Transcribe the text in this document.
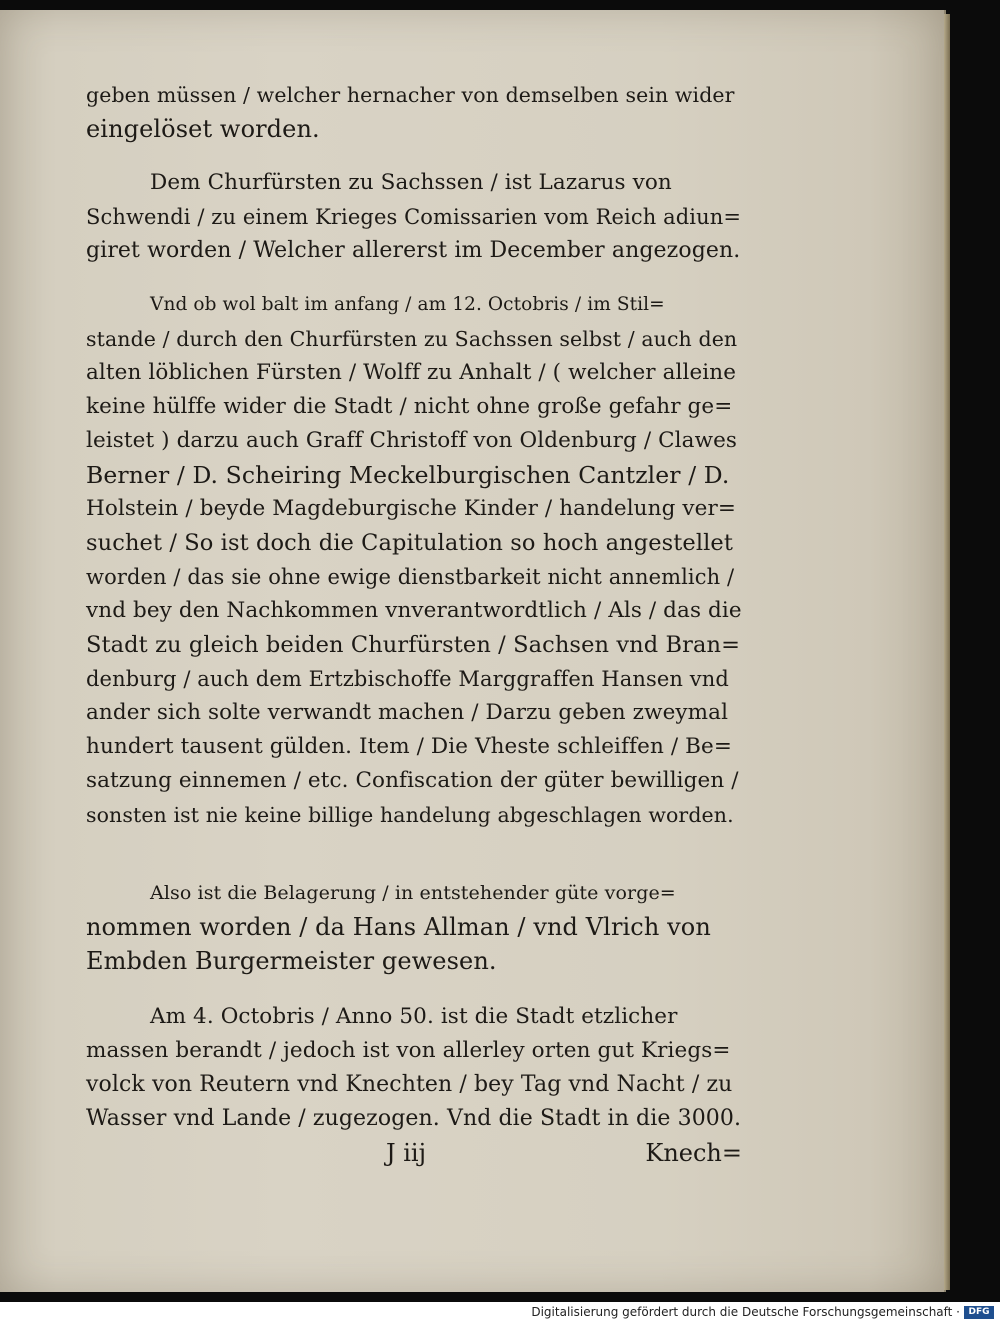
geben müssen / welcher hernacher von demselben sein wider
eingelöset worden.
Dem Churfürsten zu Sachssen / ist Lazarus von
Schwendi / zu einem Krieges Comissarien vom Reich adiun=
giret worden / Welcher allererst im December angezogen.
Vnd ob wol balt im anfang / am 12. Octobris / im Stil=
stande / durch den Churfürsten zu Sachssen selbst / auch den
alten löblichen Fürsten / Wolff zu Anhalt / ( welcher alleine
keine hülffe wider die Stadt / nicht ohne große gefahr ge=
leistet ) darzu auch Graff Christoff von Oldenburg / Clawes
Berner / D. Scheiring Meckelburgischen Cantzler / D.
Holstein / beyde Magdeburgische Kinder / handelung ver=
suchet / So ist doch die Capitulation so hoch angestellet
worden / das sie ohne ewige dienstbarkeit nicht annemlich /
vnd bey den Nachkommen vnverantwordtlich / Als / das die
Stadt zu gleich beiden Churfürsten / Sachsen vnd Bran=
denburg / auch dem Ertzbischoffe Marggraffen Hansen vnd
ander sich solte verwandt machen / Darzu geben zweymal
hundert tausent gülden. Item / Die Vheste schleiffen / Be=
satzung einnemen / etc. Confiscation der güter bewilligen /
sonsten ist nie keine billige handelung abgeschlagen worden.
Also ist die Belagerung / in entstehender güte vorge=
nommen worden / da Hans Allman / vnd Vlrich von
Embden Burgermeister gewesen.
Am 4. Octobris / Anno 50. ist die Stadt etzlicher
massen berandt / jedoch ist von allerley orten gut Kriegs=
volck von Reutern vnd Knechten / bey Tag vnd Nacht / zu
Wasser vnd Lande / zugezogen. Vnd die Stadt in die 3000.
J iij	Knech=
Digitalisierung gefördert durch die Deutsche Forschungsgemeinschaft · DFG
